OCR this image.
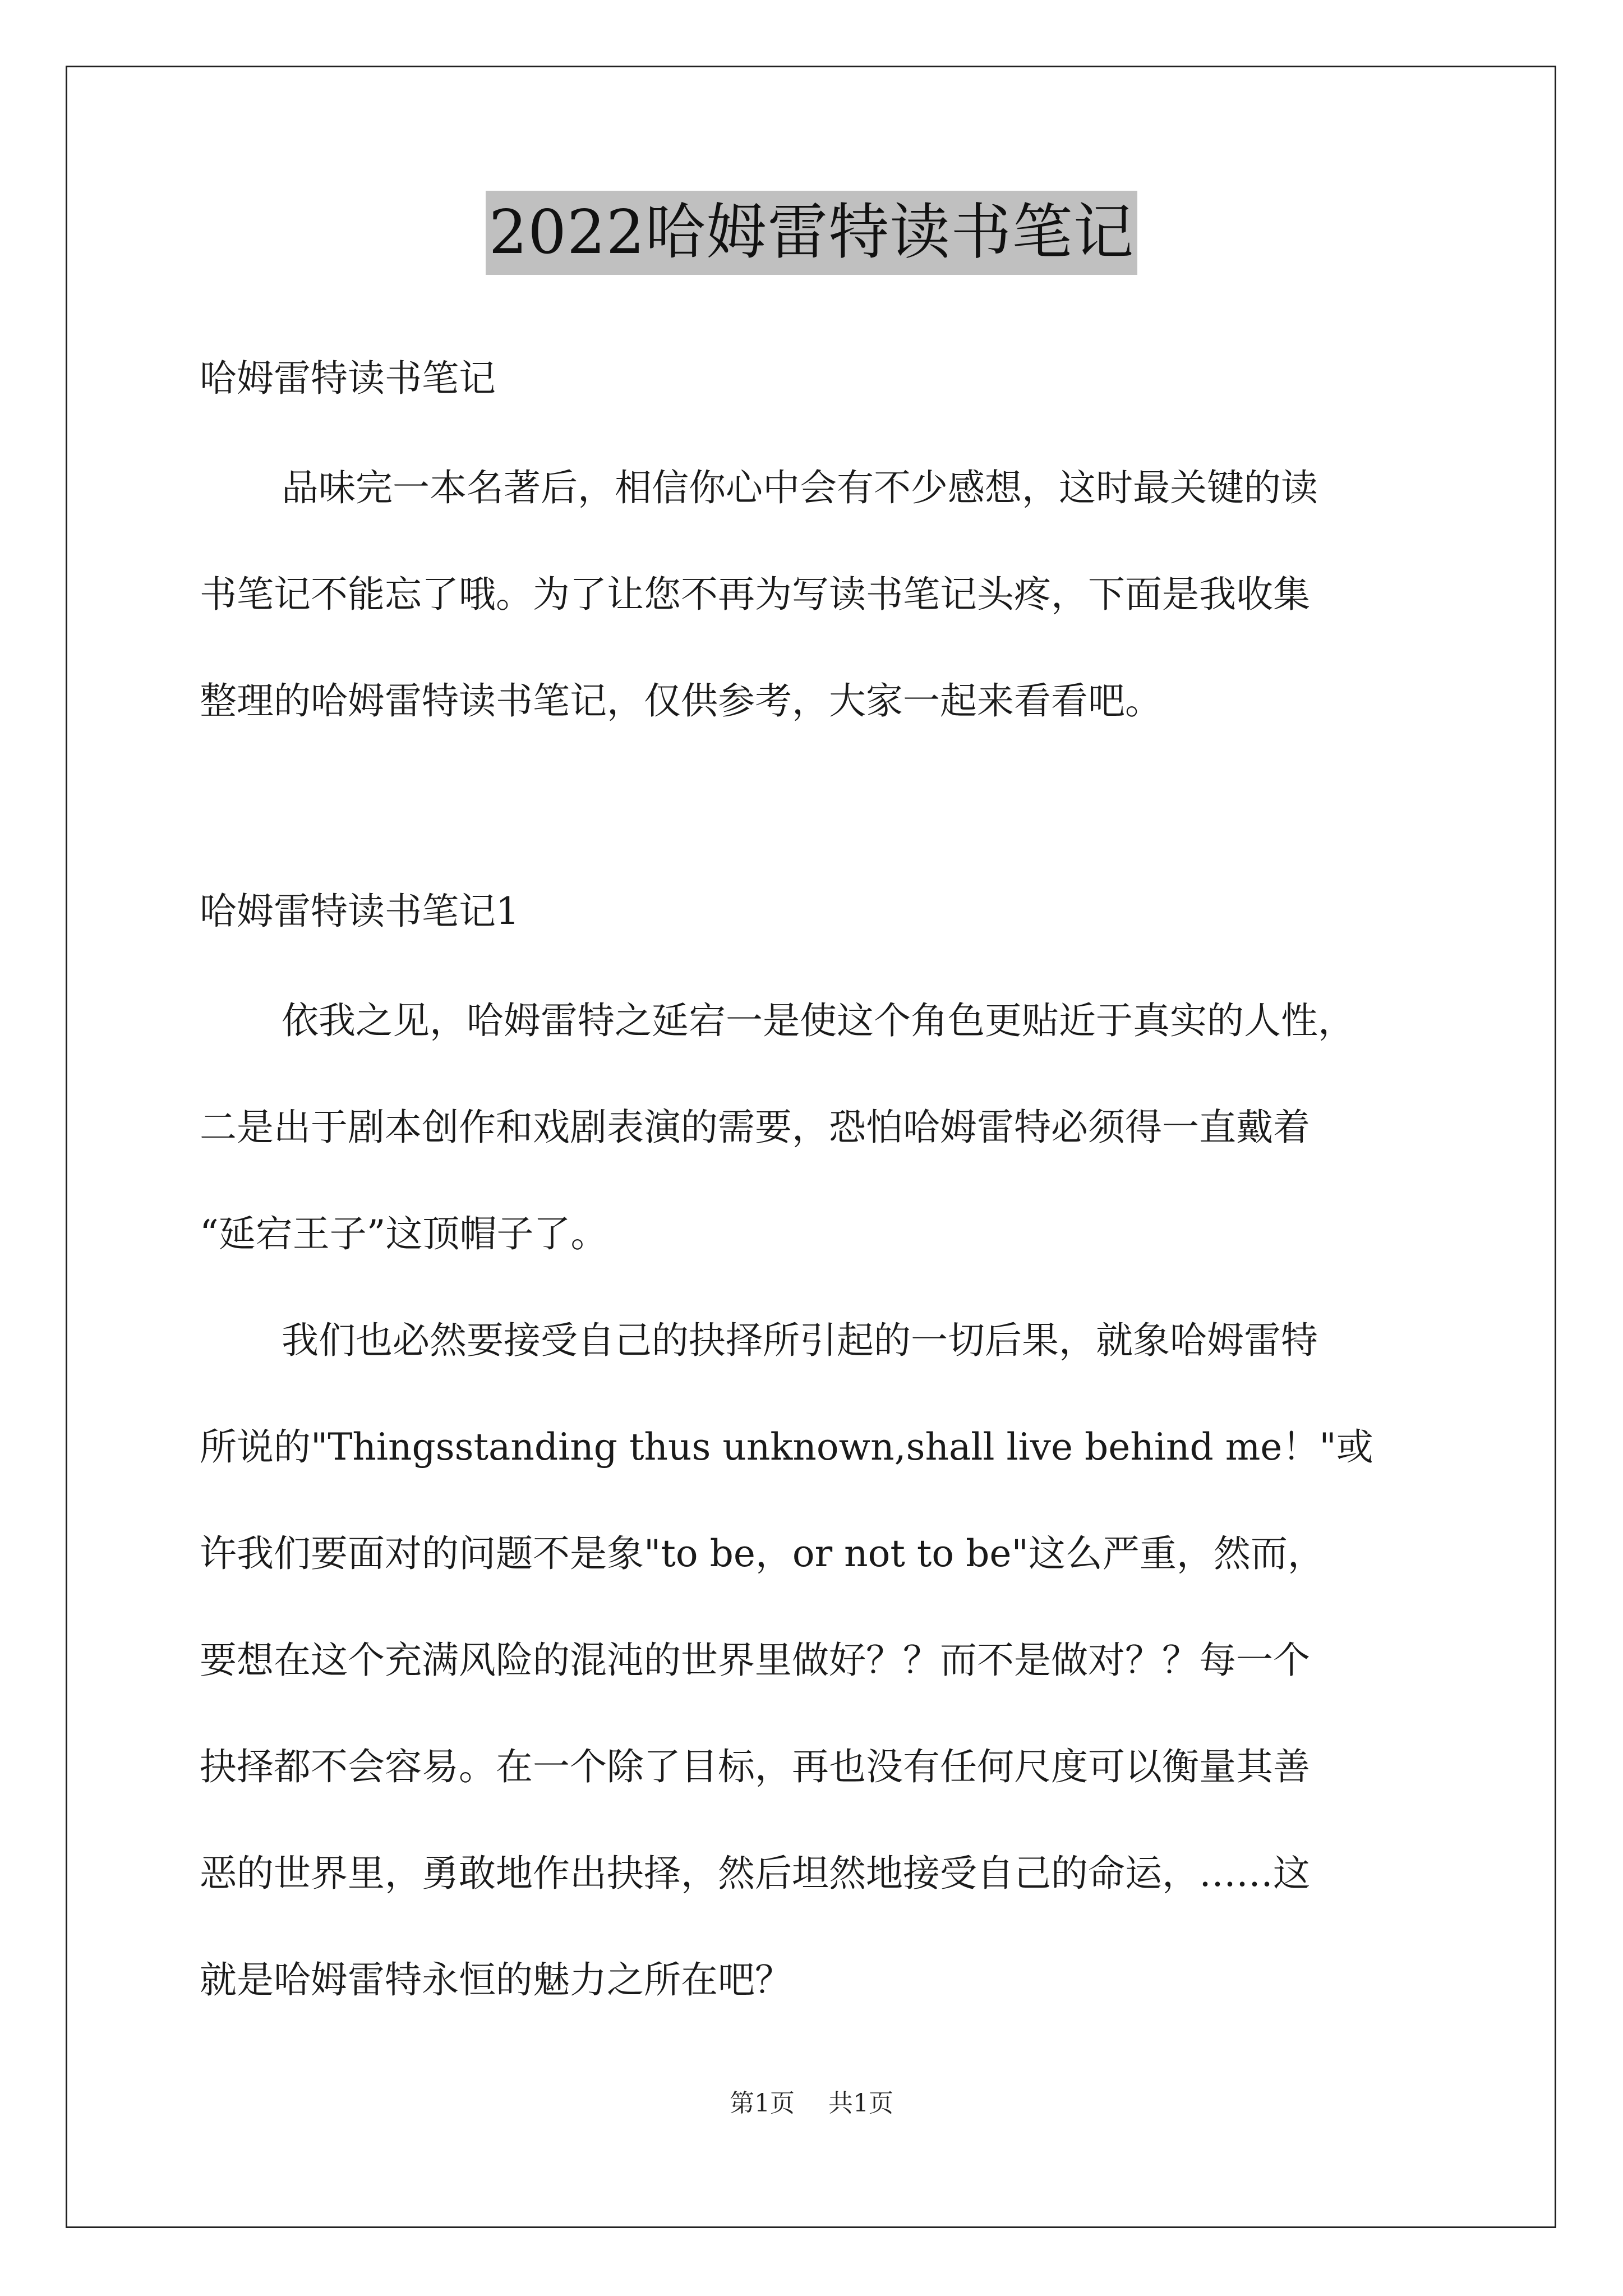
2022哈姆雷特读书笔记
哈姆雷特读书笔记
品味完一本名著后，相信你心中会有不少感想，这时最关键的读
书笔记不能忘了哦。为了让您不再为写读书笔记头疼，下面是我收集
整理的哈姆雷特读书笔记，仅供参考，大家一起来看看吧。
哈姆雷特读书笔记1
依我之见，哈姆雷特之延宕一是使这个角色更贴近于真实的人性，
二是出于剧本创作和戏剧表演的需要，恐怕哈姆雷特必须得一直戴着
“延宕王子”这顶帽子了。
我们也必然要接受自己的抉择所引起的一切后果，就象哈姆雷特
所说的"Thingsstanding thus unknown,shall live behind me！"或
许我们要面对的问题不是象"to be，or not to be"这么严重，然而，
要想在这个充满风险的混沌的世界里做好？？而不是做对？？每一个
抉择都不会容易。在一个除了目标，再也没有任何尺度可以衡量其善
恶的世界里，勇敢地作出抉择，然后坦然地接受自己的命运，……这
就是哈姆雷特永恒的魅力之所在吧？
第1页 共1页
